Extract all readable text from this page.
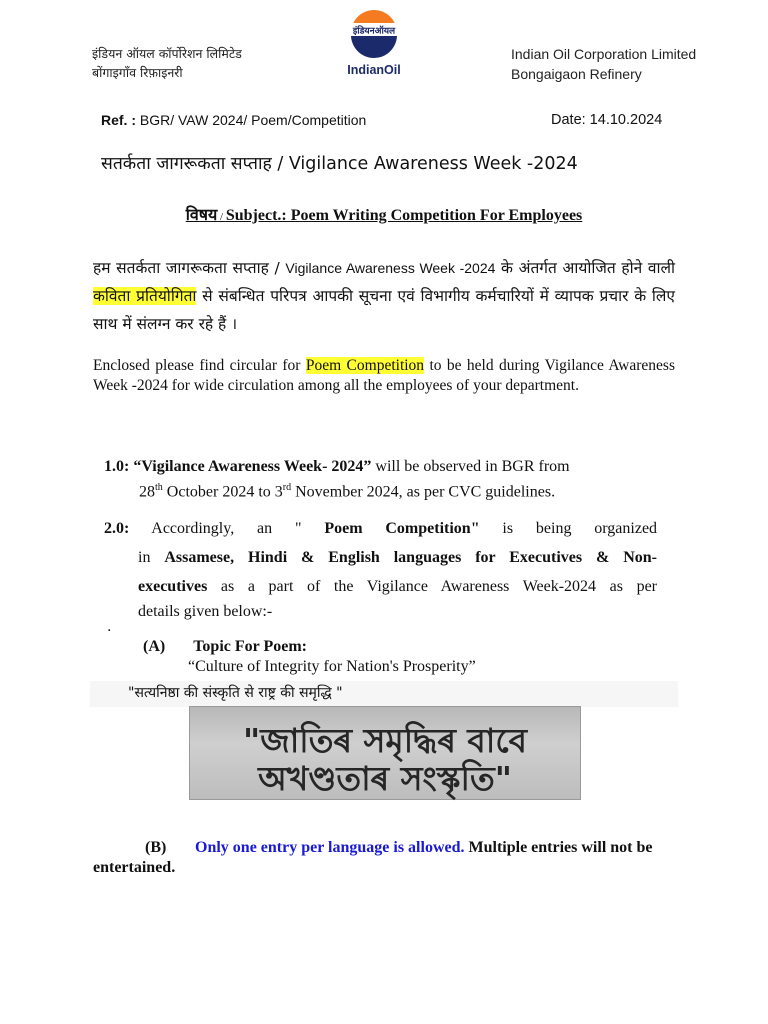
इंडियन ऑयल कॉर्पोरेशन लिमिटेड
बोंगाइगाँव रिफ़ाइनरी
इंडियनऑयल
IndianOil
Indian Oil Corporation Limited
Bongaigaon Refinery
Ref. : BGR/ VAW 2024/ Poem/Competition	Date: 14.10.2024
सतर्कता जागरूकता सप्ताह / Vigilance Awareness Week -2024
विषय / Subject.: Poem Writing Competition For Employees
हम सतर्कता जागरूकता सप्ताह / Vigilance Awareness Week -2024 के अंतर्गत आयोजित होने वाली कविता प्रतियोगिता से संबन्धित परिपत्र आपकी सूचना एवं विभागीय कर्मचारियों में व्यापक प्रचार के लिए साथ में संलग्न कर रहे हैं ।
Enclosed please find circular for Poem Competition to be held during Vigilance Awareness Week -2024 for wide circulation among all the employees of your department.
1.0: “Vigilance Awareness Week- 2024” will be observed in BGR from
28th October 2024 to 3rd November 2024, as per CVC guidelines.
2.0: Accordingly, an " Poem Competition" is being organized
in Assamese, Hindi & English languages for Executives & Non-
executives as a part of the Vigilance Awareness Week-2024 as per
details given below:-
.
(A) Topic For Poem:
“Culture of Integrity for Nation's Prosperity”
"सत्यनिष्ठा की संस्कृति से राष्ट्र की समृद्धि "
"জাতিৰ সমৃদ্ধিৰ বাবে
অখণ্ডতাৰ সংস্কৃতি"
(B) Only one entry per language is allowed. Multiple entries will not be entertained.
